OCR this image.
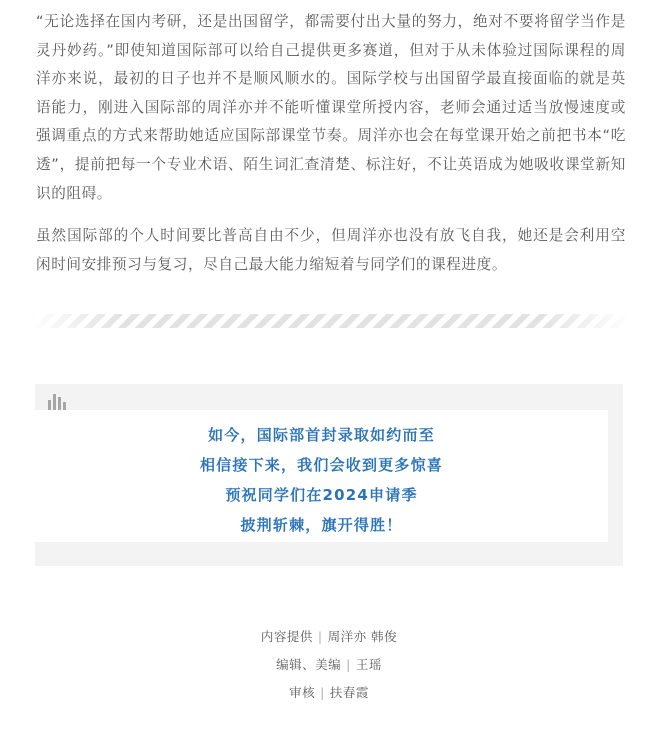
“无论选择在国内考研，还是出国留学，都需要付出大量的努力，绝对不要将留学当作是灵丹妙药。”即使知道国际部可以给自己提供更多赛道，但对于从未体验过国际课程的周洋亦来说，最初的日子也并不是顺风顺水的。国际学校与出国留学最直接面临的就是英语能力，刚进入国际部的周洋亦并不能听懂课堂所授内容，老师会通过适当放慢速度或强调重点的方式来帮助她适应国际部课堂节奏。周洋亦也会在每堂课开始之前把书本“吃透”，提前把每一个专业术语、陌生词汇查清楚、标注好，不让英语成为她吸收课堂新知识的阻碍。

虽然国际部的个人时间要比普高自由不少，但周洋亦也没有放飞自我，她还是会利用空闲时间安排预习与复习，尽自己最大能力缩短着与同学们的课程进度。

如今，国际部首封录取如约而至
相信接下来，我们会收到更多惊喜
预祝同学们在2024申请季
披荆斩棘，旗开得胜！
内容提供 | 周洋亦 韩俊
编辑、美编 | 王瑶
审核 | 扶春霞
